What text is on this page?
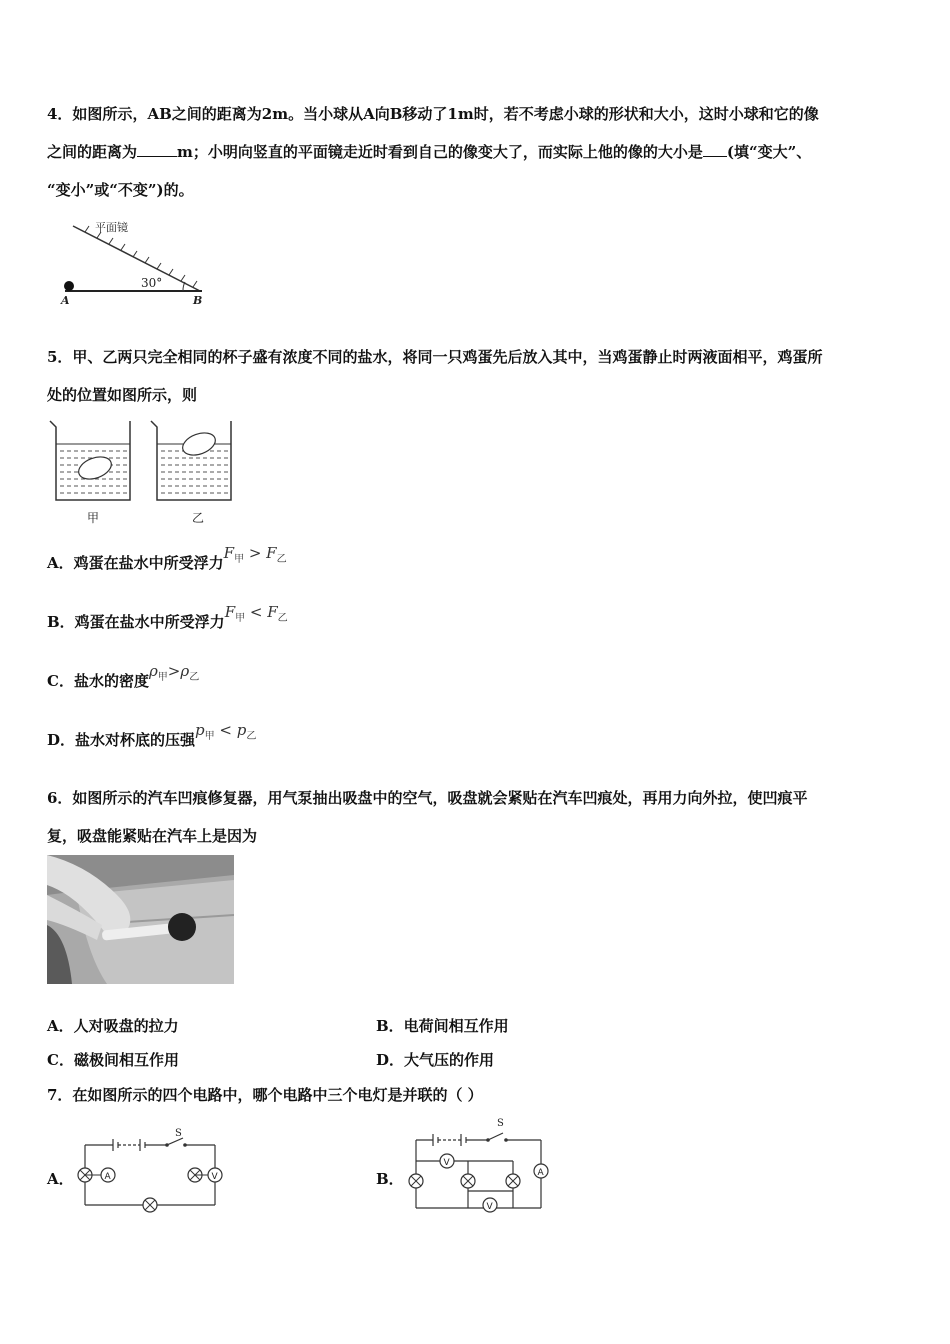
4．如图所示，AB之间的距离为2m。当小球从A向B移动了1m时，若不考虑小球的形状和大小，这时小球和它的像
之间的距离为	m；小明向竖直的平面镜走近时看到自己的像变大了，而实际上他的像的大小是 (填“变大”、
“变小”或“不变”)的。
平面镜
30°
A	B
5．甲、乙两只完全相同的杯子盛有浓度不同的盐水，将同一只鸡蛋先后放入其中，当鸡蛋静止时两液面相平，鸡蛋所
处的位置如图所示，则
甲	乙
A．鸡蛋在盐水中所受浮力$F_甲 > F_乙$
B．鸡蛋在盐水中所受浮力$F_甲 < F_乙$
C．盐水的密度$\rho_甲>\rho_乙$
D．盐水对杯底的压强$p_甲 < p_乙$
6．如图所示的汽车凹痕修复器，用气泵抽出吸盘中的空气，吸盘就会紧贴在汽车凹痕处，再用力向外拉，使凹痕平
复，吸盘能紧贴在汽车上是因为
A．人对吸盘的拉力	B．电荷间相互作用
C．磁极间相互作用	D．大气压的作用
7．在如图所示的四个电路中，哪个电路中三个电灯是并联的（ ）
A．
S
A	V	B．
S
V
A
V
